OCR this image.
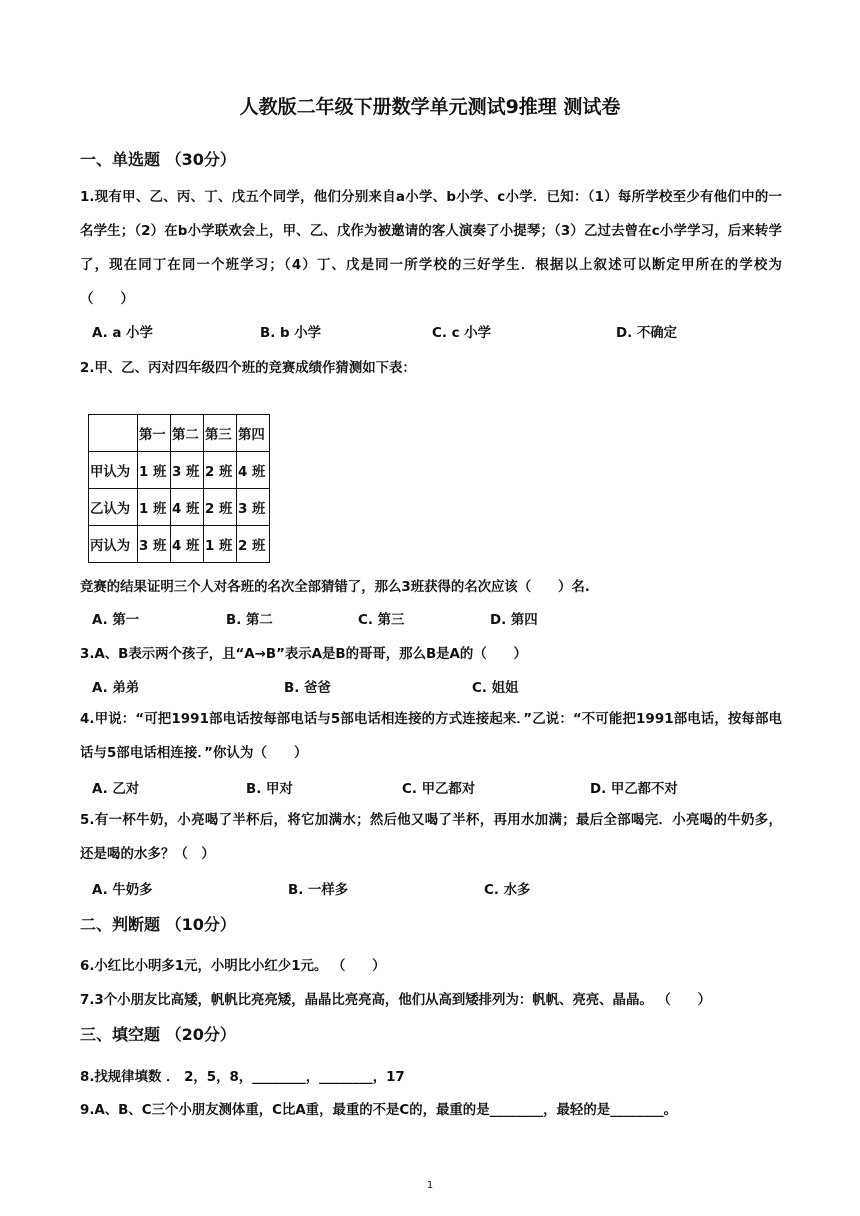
人教版二年级下册数学单元测试9推理 测试卷
一、单选题 （30分）
1.现有甲、乙、丙、丁、戊五个同学，他们分别来自a小学、b小学、c小学．已知：（1）每所学校至少有他们中的一名学生；（2）在b小学联欢会上，甲、乙、戊作为被邀请的客人演奏了小提琴；（3）乙过去曾在c小学学习，后来转学了，现在同丁在同一个班学习；（4）丁、戊是同一所学校的三好学生．根据以上叙述可以断定甲所在的学校为 （　　）
A. a 小学	B. b 小学	C. c 小学	D. 不确定
2.甲、乙、丙对四年级四个班的竞赛成绩作猜测如下表：
	第一	第二	第三	第四
甲认为	1 班	3 班	2 班	4 班
乙认为	1 班	4 班	2 班	3 班
丙认为	3 班	4 班	1 班	2 班
竞赛的结果证明三个人对各班的名次全部猜错了，那么3班获得的名次应该（　　）名.
A. 第一	B. 第二	C. 第三	D. 第四
3.A、B表示两个孩子，且“A→B”表示A是B的哥哥，那么B是A的（　　）
A. 弟弟	B. 爸爸	C. 姐姐
4.甲说：“可把1991部电话按每部电话与5部电话相连接的方式连接起来．”乙说：“不可能把1991部电话，按每部电话与5部电话相连接．”你认为（　　）
A. 乙对	B. 甲对	C. 甲乙都对	D. 甲乙都不对
5.有一杯牛奶，小亮喝了半杯后，将它加满水；然后他又喝了半杯，再用水加满；最后全部喝完．小亮喝的牛奶多，还是喝的水多？（　）
A. 牛奶多	B. 一样多	C. 水多
二、判断题 （10分）
6.小红比小明多1元，小明比小红少1元。 （　　）
7.3个小朋友比高矮，帆帆比亮亮矮，晶晶比亮亮高，他们从高到矮排列为：帆帆、亮亮、晶晶。 （　　）
三、填空题 （20分）
8.找规律填数 ． 2，5，8，________，________，17
9.A、B、C三个小朋友测体重，C比A重，最重的不是C的，最重的是________，最轻的是________。
1
